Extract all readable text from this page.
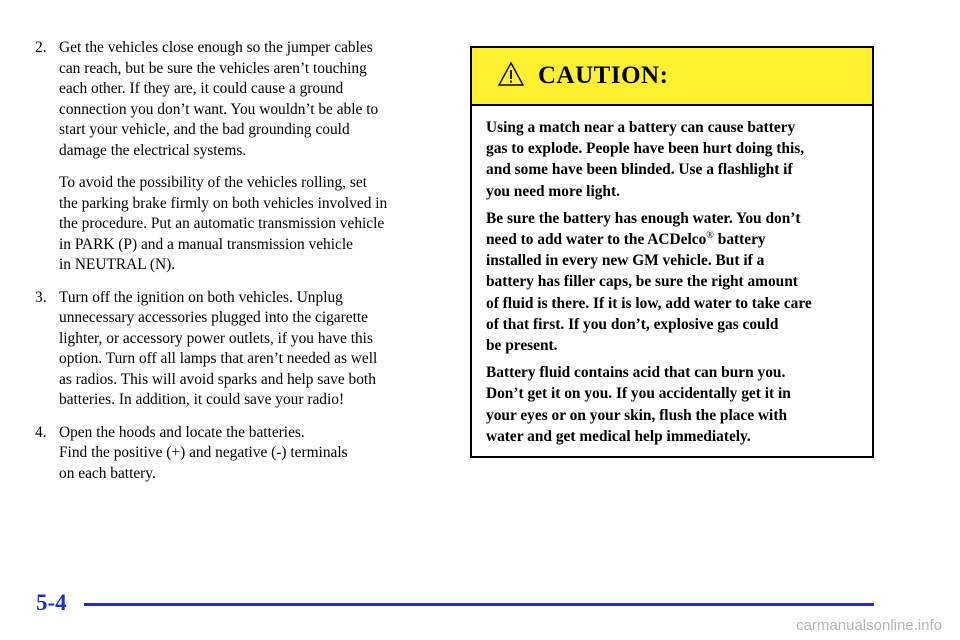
2. Get the vehicles close enough so the jumper cables
can reach, but be sure the vehicles aren’t touching
each other. If they are, it could cause a ground
connection you don’t want. You wouldn’t be able to
start your vehicle, and the bad grounding could
damage the electrical systems.

To avoid the possibility of the vehicles rolling, set
the parking brake firmly on both vehicles involved in
the procedure. Put an automatic transmission vehicle
in PARK (P) and a manual transmission vehicle
in NEUTRAL (N).

3. Turn off the ignition on both vehicles. Unplug
unnecessary accessories plugged into the cigarette
lighter, or accessory power outlets, if you have this
option. Turn off all lamps that aren’t needed as well
as radios. This will avoid sparks and help save both
batteries. In addition, it could save your radio!

4. Open the hoods and locate the batteries.
Find the positive (+) and negative (-) terminals
on each battery.

CAUTION:

Using a match near a battery can cause battery
gas to explode. People have been hurt doing this,
and some have been blinded. Use a flashlight if
you need more light.

Be sure the battery has enough water. You don’t
need to add water to the ACDelco® battery
installed in every new GM vehicle. But if a
battery has filler caps, be sure the right amount
of fluid is there. If it is low, add water to take care
of that first. If you don’t, explosive gas could
be present.

Battery fluid contains acid that can burn you.
Don’t get it on you. If you accidentally get it in
your eyes or on your skin, flush the place with
water and get medical help immediately.

5-4
carmanualsonline.info
